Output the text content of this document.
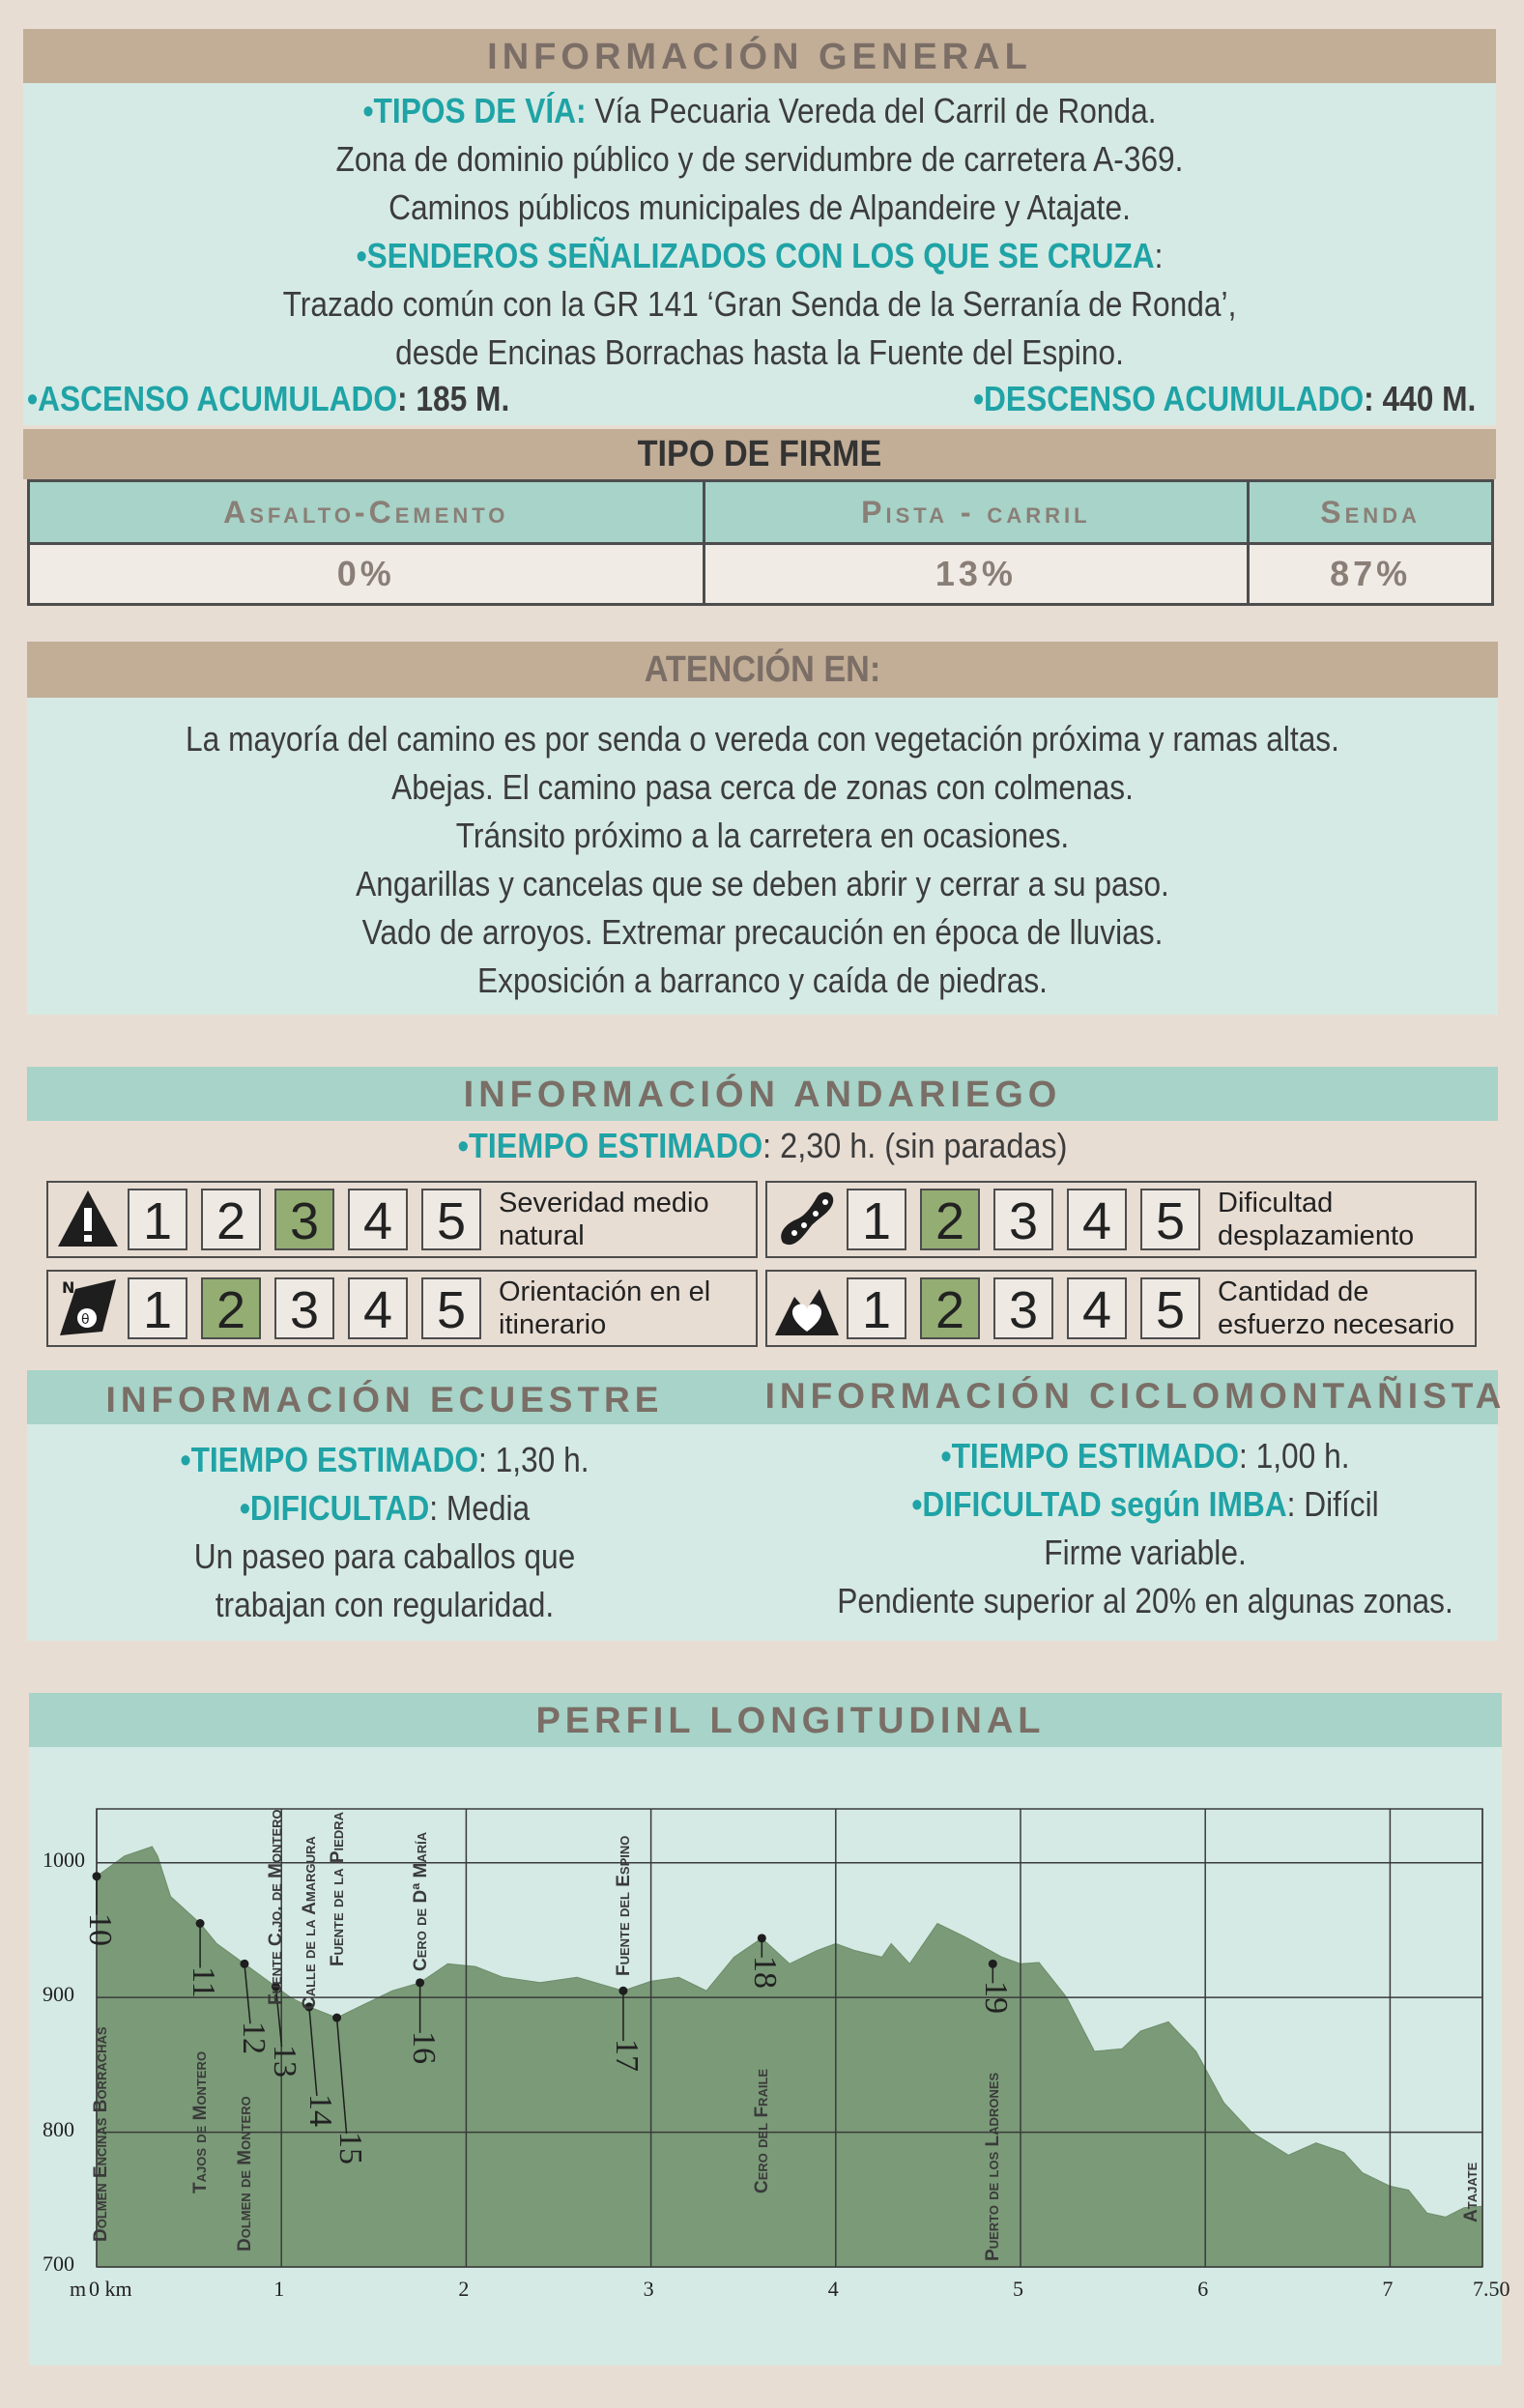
INFORMACIÓN GENERAL
•TIPOS DE VÍA: Vía Pecuaria Vereda del Carril de Ronda.
Zona de dominio público y de servidumbre de carretera A-369.
Caminos públicos municipales de Alpandeire y Atajate.
•SENDEROS SEÑALIZADOS CON LOS QUE SE CRUZA:
Trazado común con la GR 141 ‘Gran Senda de la Serranía de Ronda’,
desde Encinas Borrachas hasta la Fuente del Espino.
•ASCENSO ACUMULADO: 185 M.	•DESCENSO ACUMULADO: 440 M.
TIPO DE FIRME
Asfalto-Cemento	Pista - carril	Senda
0%	13%	87%
ATENCIÓN EN:
La mayoría del camino es por senda o vereda con vegetación próxima y ramas altas.
Abejas. El camino pasa cerca de zonas con colmenas.
Tránsito próximo a la carretera en ocasiones.
Angarillas y cancelas que se deben abrir y cerrar a su paso.
Vado de arroyos. Extremar precaución en época de lluvias.
Exposición a barranco y caída de piedras.
INFORMACIÓN ANDARIEGO
•TIEMPO ESTIMADO: 2,30 h. (sin paradas)
1 2 3 4 5	Severidad medio
natural	1 2 3 4 5	Dificultad
desplazamiento
N
θ 1 2 3 4 5	Orientación en el
itinerario	1 2 3 4 5	Cantidad de
esfuerzo necesario
INFORMACIÓN ECUESTRE	INFORMACIÓN CICLOMONTAÑISTA
•TIEMPO ESTIMADO: 1,30 h.
•DIFICULTAD: Media
Un paseo para caballos que
trabajan con regularidad.
•TIEMPO ESTIMADO: 1,00 h.
•DIFICULTAD según IMBA: Difícil
Firme variable.
Pendiente superior al 20% en algunas zonas.
PERFIL LONGITUDINAL
700
800
900
1000
0 km	1	2	3	4	5	6	7	7.50
m
10
Dolmen Encinas Borrachas
11
Tajos de Montero
12
Dolmen de Montero
13
Fuente C.jo. de Montero
14
Calle de la Amargura
15
Fuente de la Piedra
16
Cero de Dª María
17
Fuente del Espino	18
Cero del Fraile
19
Puerto de los Ladrones	Atajate
